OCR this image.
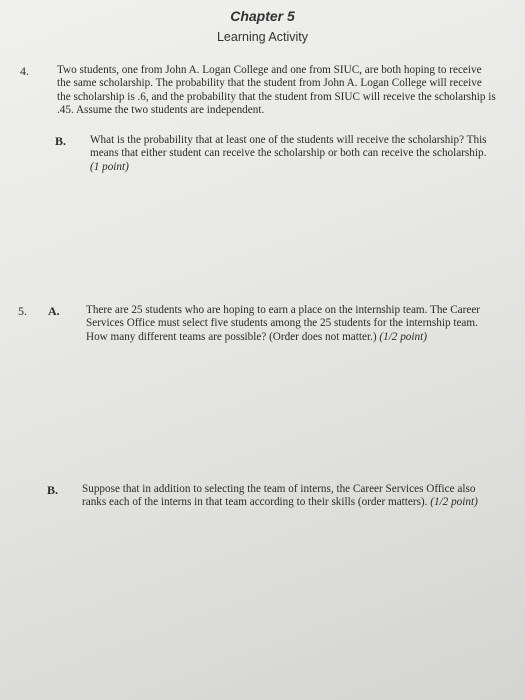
Chapter 5
Learning Activity
4.	Two students, one from John A. Logan College and one from SIUC, are both hoping to receive the same scholarship. The probability that the student from John A. Logan College will receive the scholarship is .6, and the probability that the student from SIUC will receive the scholarship is .45. Assume the two students are independent.
B. What is the probability that at least one of the students will receive the scholarship? This means that either student can receive the scholarship or both can receive the scholarship. (1 point)
5. A. There are 25 students who are hoping to earn a place on the internship team. The Career Services Office must select five students among the 25 students for the internship team. How many different teams are possible? (Order does not matter.) (1/2 point)
B. Suppose that in addition to selecting the team of interns, the Career Services Office also ranks each of the interns in that team according to their skills (order matters). (1/2 point)
